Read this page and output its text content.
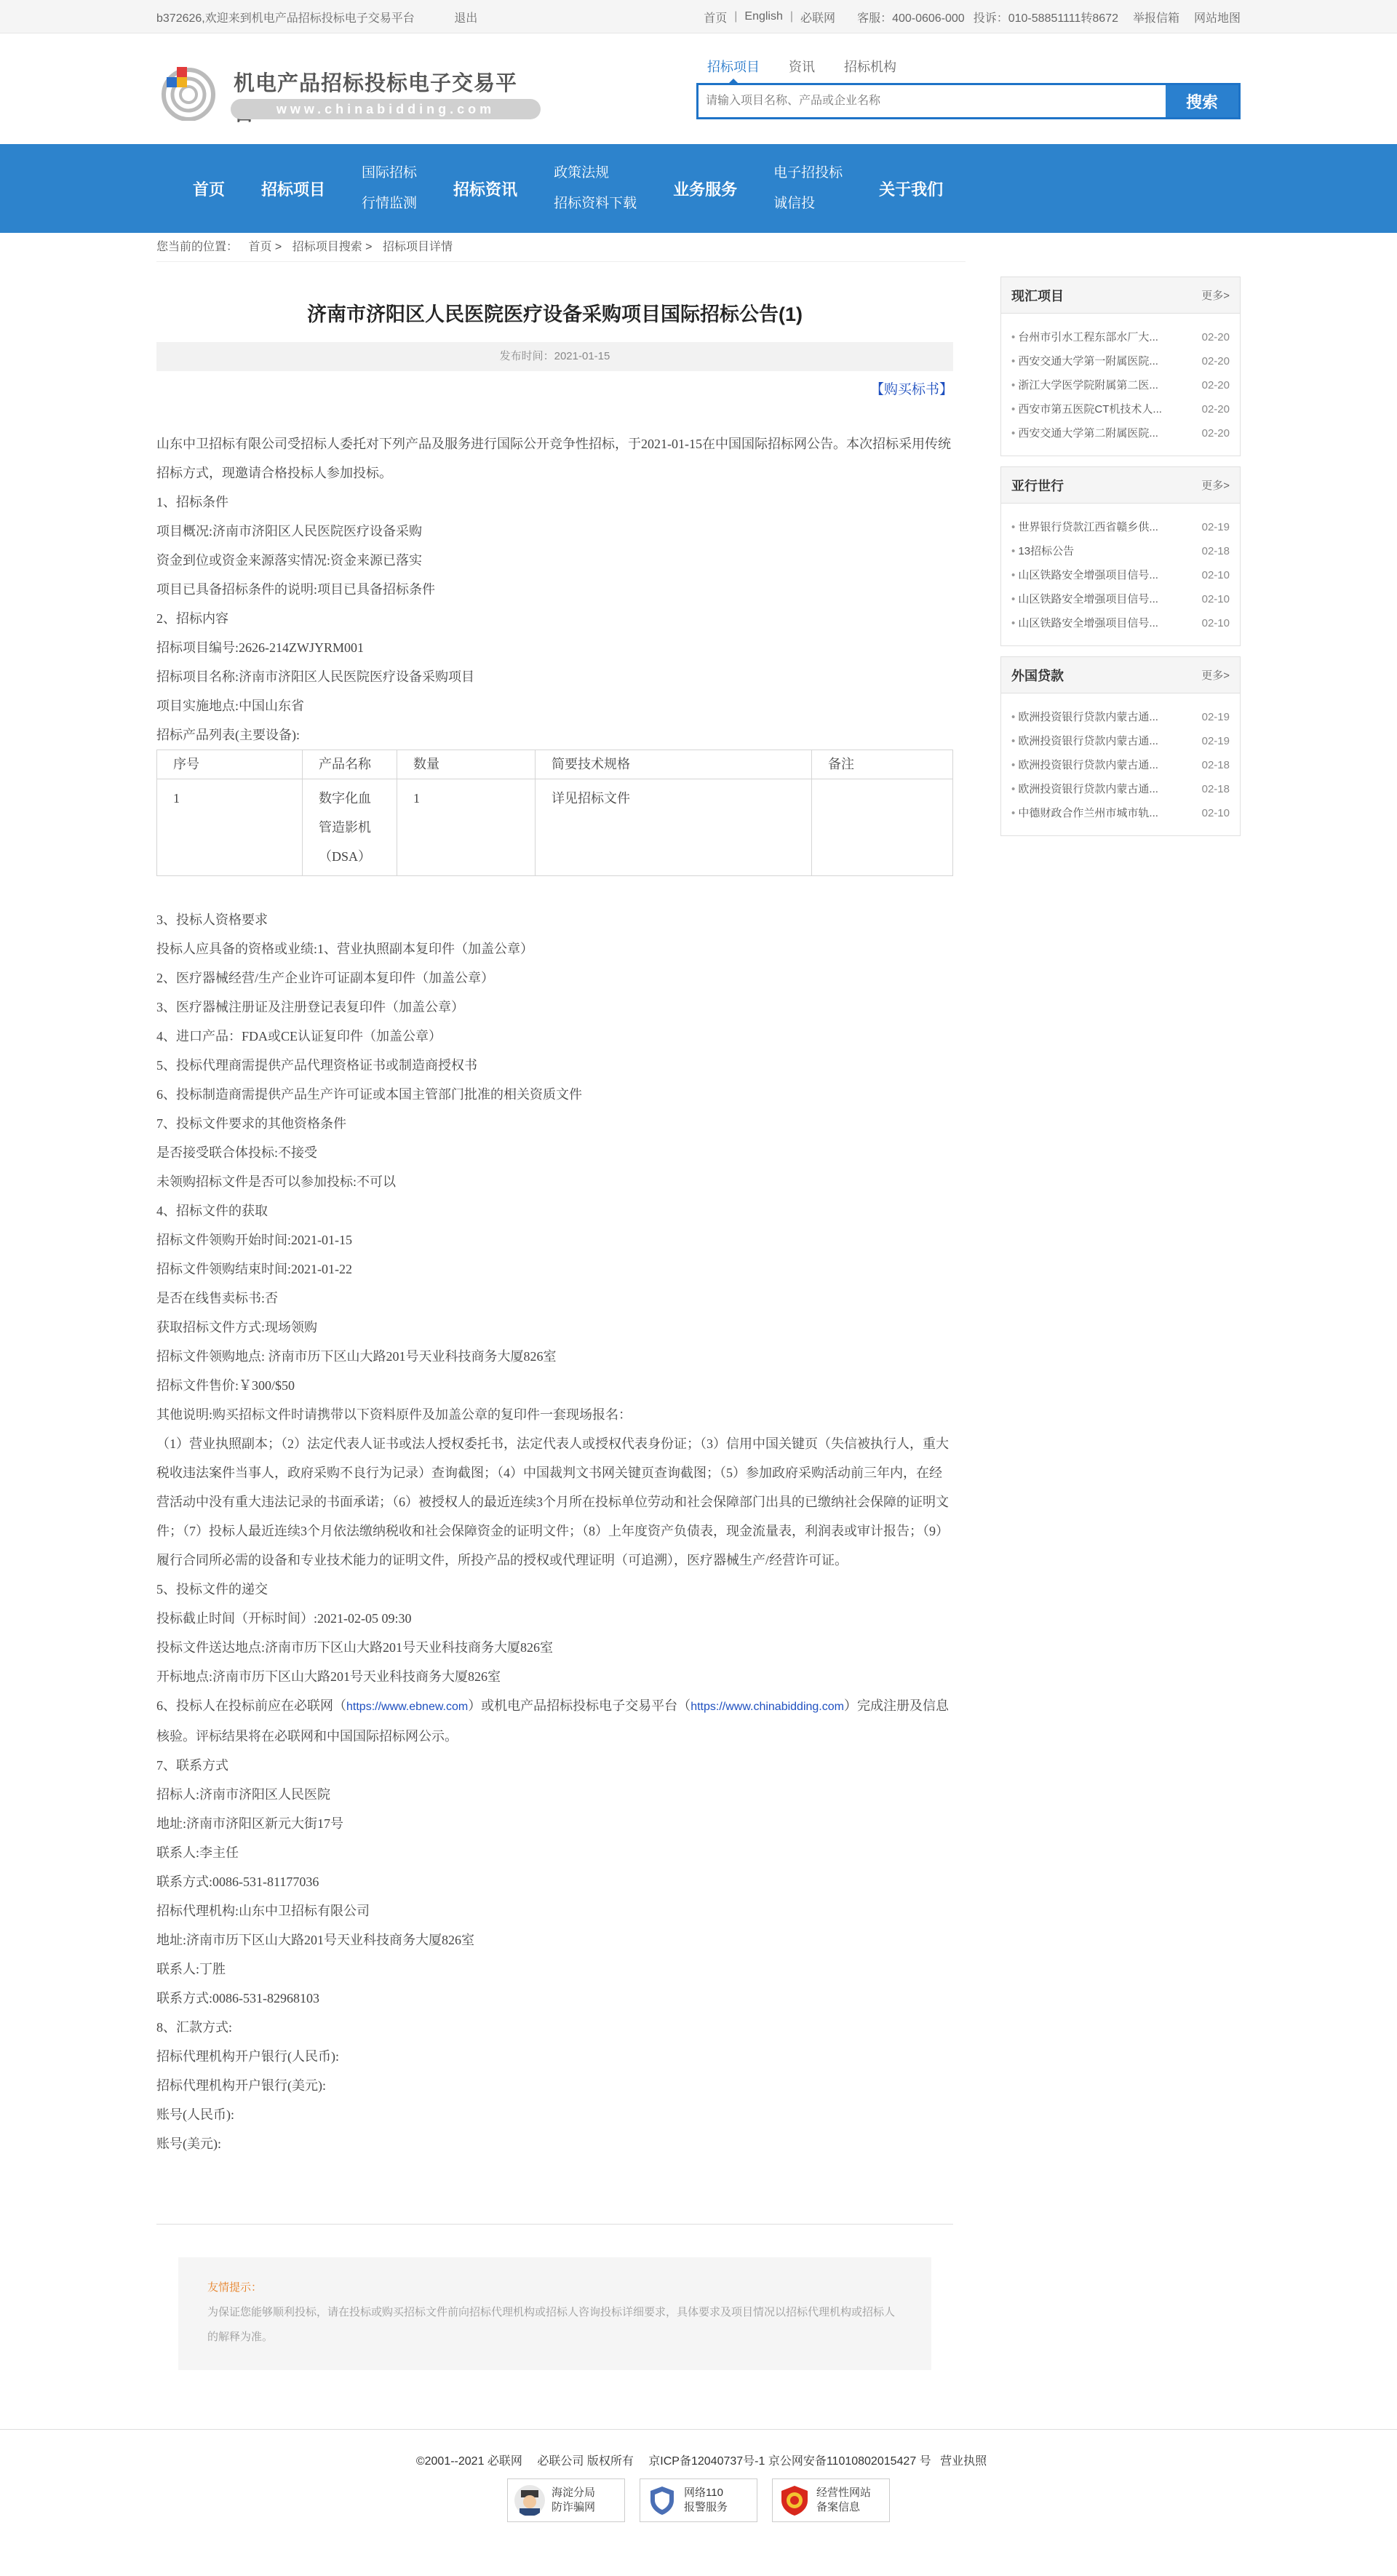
b372626,欢迎来到机电产品招标投标电子交易平台	退出	首页 | English | 必联网 客服：400-0606-000 投诉：010-58851111转8672 举报信箱 网站地图
机电产品招标投标电子交易平
www.chinabidding.com
招标项目 资讯 招标机构
请输入项目名称、产品或企业名称
搜索
首页 招标项目
国际招标
行情监测
招标资讯
政策法规
招标资料下载
业务服务
电子招投标
诚信投
关于我们
您当前的位置： 首页 > 招标项目搜索 > 招标项目详情
济南市济阳区人民医院医疗设备采购项目国际招标公告(1)
发布时间：2021-01-15
【购买标书】

山东中卫招标有限公司受招标人委托对下列产品及服务进行国际公开竞争性招标，于2021-01-15在中国国际招标网公告。本次招标采用传统招标方式，现邀请合格投标人参加投标。

1、招标条件

项目概况:济南市济阳区人民医院医疗设备采购

资金到位或资金来源落实情况:资金来源已落实

项目已具备招标条件的说明:项目已具备招标条件

2、招标内容

招标项目编号:2626-214ZWJYRM001

招标项目名称:济南市济阳区人民医院医疗设备采购项目

项目实施地点:中国山东省

招标产品列表(主要设备):

序号	产品名称	数量	简要技术规格	备注
1	数字化血管造影机（DSA）	1	详见招标文件	

3、投标人资格要求

投标人应具备的资格或业绩:1、营业执照副本复印件（加盖公章）

2、医疗器械经营/生产企业许可证副本复印件（加盖公章）

3、医疗器械注册证及注册登记表复印件（加盖公章）

4、进口产品：FDA或CE认证复印件（加盖公章）

5、投标代理商需提供产品代理资格证书或制造商授权书

6、投标制造商需提供产品生产许可证或本国主管部门批准的相关资质文件

7、投标文件要求的其他资格条件

是否接受联合体投标:不接受

未领购招标文件是否可以参加投标:不可以

4、招标文件的获取

招标文件领购开始时间:2021-01-15

招标文件领购结束时间:2021-01-22

是否在线售卖标书:否

获取招标文件方式:现场领购

招标文件领购地点: 济南市历下区山大路201号天业科技商务大厦826室

招标文件售价:￥300/$50

其他说明:购买招标文件时请携带以下资料原件及加盖公章的复印件一套现场报名：

（1）营业执照副本；（2）法定代表人证书或法人授权委托书，法定代表人或授权代表身份证；（3）信用中国关键页（失信被执行人，重大税收违法案件当事人，政府采购不良行为记录）查询截图；（4）中国裁判文书网关键页查询截图；（5）参加政府采购活动前三年内，在经营活动中没有重大违法记录的书面承诺；（6）被授权人的最近连续3个月所在投标单位劳动和社会保障部门出具的已缴纳社会保障的证明文件；（7）投标人最近连续3个月依法缴纳税收和社会保障资金的证明文件；（8）上年度资产负债表，现金流量表，利润表或审计报告；（9）履行合同所必需的设备和专业技术能力的证明文件，所投产品的授权或代理证明（可追溯），医疗器械生产/经营许可证。

5、投标文件的递交

投标截止时间（开标时间）:2021-02-05 09:30

投标文件送达地点:济南市历下区山大路201号天业科技商务大厦826室

开标地点:济南市历下区山大路201号天业科技商务大厦826室

6、投标人在投标前应在必联网（https://www.ebnew.com）或机电产品招标投标电子交易平台（https://www.chinabidding.com）完成注册及信息核验。评标结果将在必联网和中国国际招标网公示。

7、联系方式

招标人:济南市济阳区人民医院

地址:济南市济阳区新元大街17号

联系人:李主任

联系方式:0086-531-81177036

招标代理机构:山东中卫招标有限公司

地址:济南市历下区山大路201号天业科技商务大厦826室

联系人:丁胜

联系方式:0086-531-82968103

8、汇款方式:

招标代理机构开户银行(人民币):

招标代理机构开户银行(美元):

账号(人民币):

账号(美元):

友情提示：
为保证您能够顺利投标，请在投标或购买招标文件前向招标代理机构或招标人咨询投标详细要求，具体要求及项目情况以招标代理机构或招标人的解释为准。
现汇项目	更多>
• 台州市引水工程东部水厂大...	02-20
• 西安交通大学第一附属医院...	02-20
• 浙江大学医学院附属第二医...	02-20
• 西安市第五医院CT机技术人...	02-20
• 西安交通大学第二附属医院...	02-20
亚行世行	更多>
• 世界银行贷款江西省赣乡供...	02-19
• 13招标公告	02-18
• 山区铁路安全增强项目信号...	02-10
• 山区铁路安全增强项目信号...	02-10
• 山区铁路安全增强项目信号...	02-10
外国贷款	更多>
• 欧洲投资银行贷款内蒙古通...	02-19
• 欧洲投资银行贷款内蒙古通...	02-19
• 欧洲投资银行贷款内蒙古通...	02-18
• 欧洲投资银行贷款内蒙古通...	02-18
• 中德财政合作兰州市城市轨...	02-10
©2001--2021 必联网 必联公司 版权所有 京ICP备12040737号-1 京公网安备11010802015427 号 营业执照
海淀分局
防诈骗网
网络110
报警服务
经营性网站
备案信息
